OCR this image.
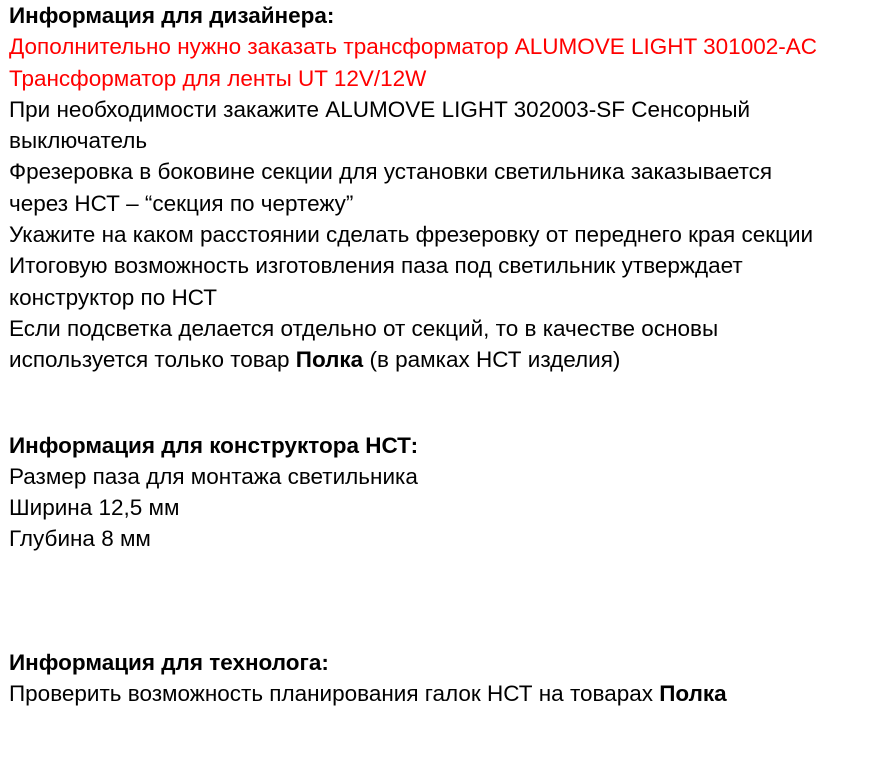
Информация для дизайнера:
Дополнительно нужно заказать трансформатор ALUMOVE LIGHT 301002-AC
Трансформатор для ленты UT 12V/12W
При необходимости закажите ALUMOVE LIGHT 302003-SF Сенсорный
выключатель
Фрезеровка в боковине секции для установки светильника заказывается
через НСТ – “секция по чертежу”
Укажите на каком расстоянии сделать фрезеровку от переднего края секции
Итоговую возможность изготовления паза под светильник утверждает
конструктор по НСТ
Если подсветка делается отдельно от секций, то в качестве основы
используется только товар Полка (в рамках НСТ изделия)
Информация для конструктора НСТ:
Размер паза для монтажа светильника
Ширина 12,5 мм
Глубина 8 мм
Информация для технолога:
Проверить возможность планирования галок НСТ на товарах Полка
